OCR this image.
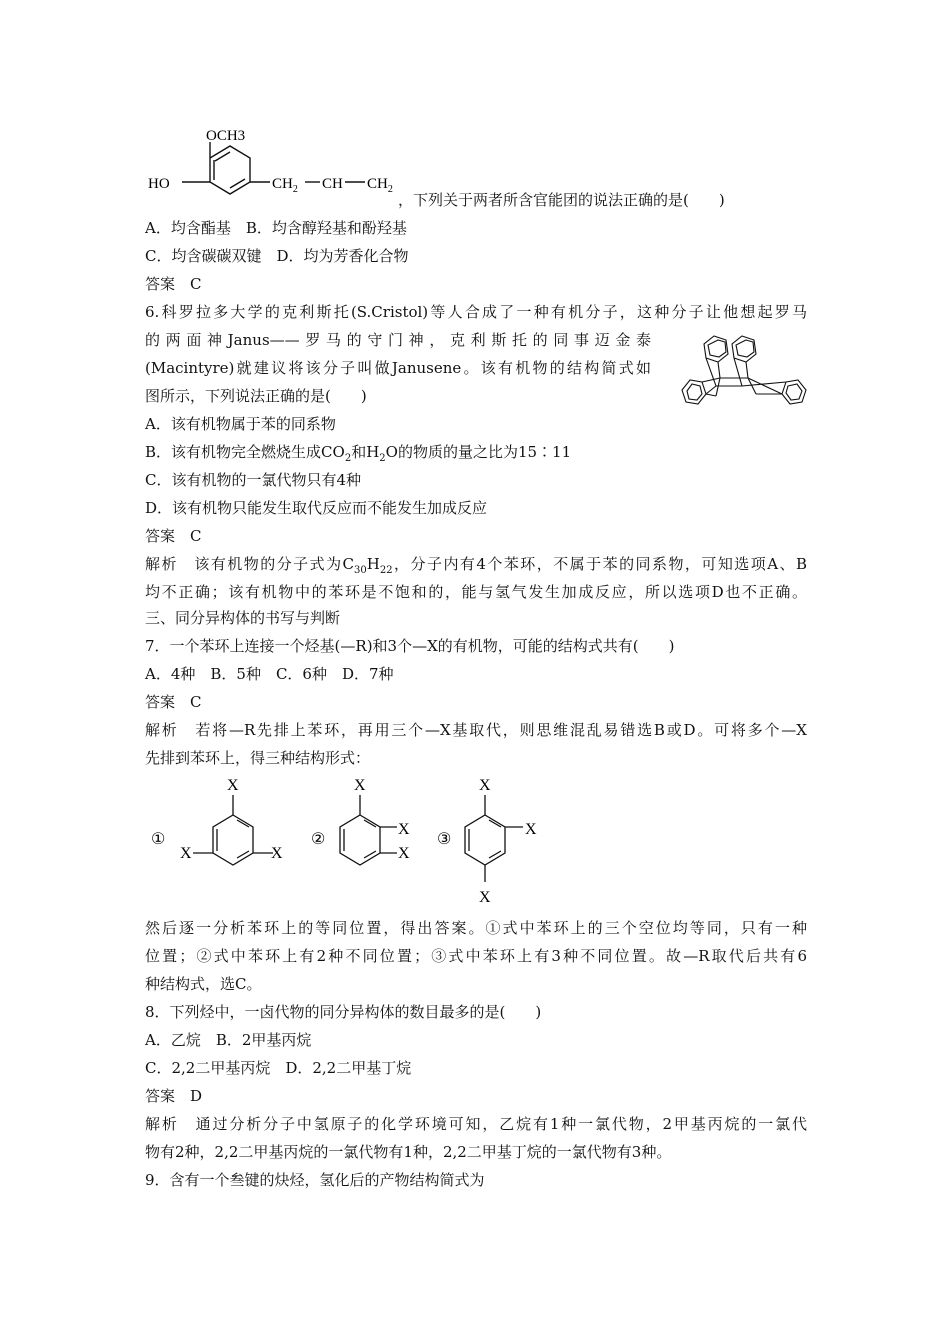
OCH3
HO	$CH_2$ CH $CH_2$
，下列关于两者所含官能团的说法正确的是(　　)
A．均含酯基　B．均含醇羟基和酚羟基
C．均含碳碳双键　D．均为芳香化合物
答案　C
6.科罗拉多大学的克利斯托(S.Cristol)等人合成了一种有机分子，这种分子让他想起罗马
的两面神Janus——罗马的守门神，克利斯托的同事迈金泰
(Macintyre)就建议将该分子叫做Janusene。该有机物的结构简式如
图所示，下列说法正确的是(　　)
A．该有机物属于苯的同系物
B．该有机物完全燃烧生成$CO_2$和$H_2O$的物质的量之比为15∶11
C．该有机物的一氯代物只有4种
D．该有机物只能发生取代反应而不能发生加成反应
答案　C
解析　该有机物的分子式为$C_{30}H_{22}$，分子内有4个苯环，不属于苯的同系物，可知选项A、B
均不正确；该有机物中的苯环是不饱和的，能与氢气发生加成反应，所以选项D也不正确。
三、同分异构体的书写与判断
7．一个苯环上连接一个烃基(—R)和3个—X的有机物，可能的结构式共有(　　)
A．4种　B．5种　C．6种　D．7种
答案　C
解析　若将—R先排上苯环，再用三个—X基取代，则思维混乱易错选B或D。可将多个—X
先排到苯环上，得三种结构形式：
①
X
X	X
②
X
X
X
③
X
X
X
然后逐一分析苯环上的等同位置，得出答案。①式中苯环上的三个空位均等同，只有一种
位置；②式中苯环上有2种不同位置；③式中苯环上有3种不同位置。故—R取代后共有6
种结构式，选C。
8．下列烃中，一卤代物的同分异构体的数目最多的是(　　)
A．乙烷　B．2甲基丙烷
C．2,2二甲基丙烷　D．2,2二甲基丁烷
答案　D
解析　通过分析分子中氢原子的化学环境可知，乙烷有1种一氯代物，2甲基丙烷的一氯代
物有2种，2,2二甲基丙烷的一氯代物有1种，2,2二甲基丁烷的一氯代物有3种。
9．含有一个叁键的炔烃，氢化后的产物结构简式为
